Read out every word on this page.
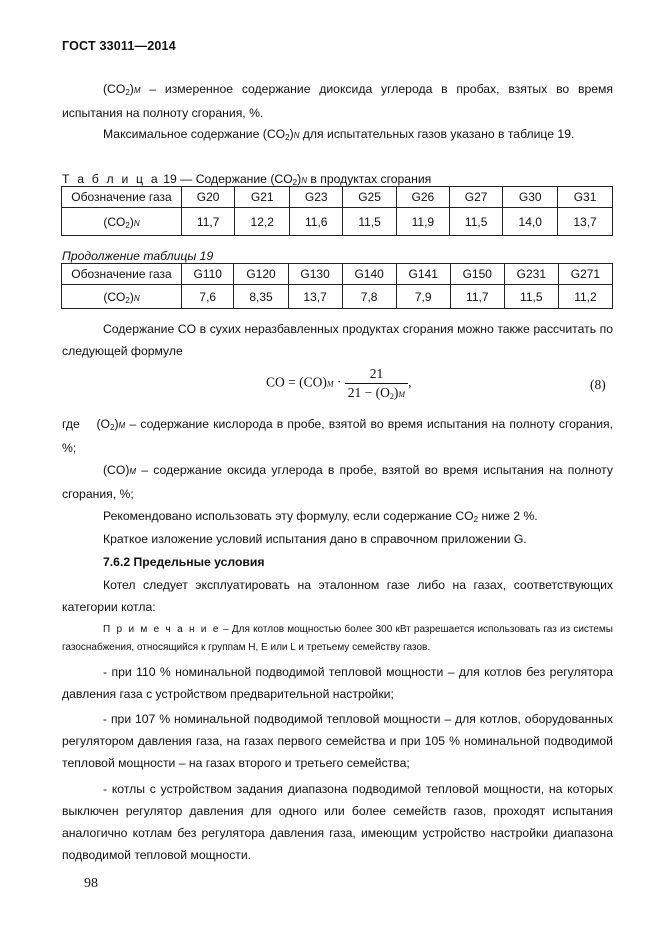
ГОСТ 33011—2014
$(CO_2)M$ – измеренное содержание диоксида углерода в пробах, взятых во время испытания на полноту сгорания, %.
Максимальное содержание $(CO_2)N$ для испытательных газов указано в таблице 19.
Т а б л и ц а 19 — Содержание $(CO_2)N$ в продуктах сгорания
Обозначение газа	G20	G21	G23	G25	G26	G27	G30	G31
$(CO_2)N$	11,7	12,2	11,6	11,5	11,9	11,5	14,0	13,7
Продолжение таблицы 19
Обозначение газа	G110	G120	G130	G140	G141	G150	G231	G271
$(CO_2)N$	7,6	8,35	13,7	7,8	7,9	11,7	11,5	11,2
Содержание CO в сухих неразбавленных продуктах сгорания можно также рассчитать по следующей формуле
CO = $(CO)M \cdot \frac{21}{21 - (O_2)M}$ ,	(8)
где $(O_2)M$ – содержание кислорода в пробе, взятой во время испытания на полноту сгорания, %;
(CO)M – содержание оксида углерода в пробе, взятой во время испытания на полноту сгорания, %;
Рекомендовано использовать эту формулу, если содержание $CO_2$ ниже 2 %.
Краткое изложение условий испытания дано в справочном приложении G.
7.6.2 Предельные условия
Котел следует эксплуатировать на эталонном газе либо на газах, соответствующих категории котла:
П р и м е ч а н и е – Для котлов мощностью более 300 кВт разрешается использовать газ из системы газоснабжения, относящийся к группам H, E или L и третьему семейству газов.
- при 110 % номинальной подводимой тепловой мощности – для котлов без регулятора давления газа с устройством предварительной настройки;
- при 107 % номинальной подводимой тепловой мощности – для котлов, оборудованных регулятором давления газа, на газах первого семейства и при 105 % номинальной подводимой тепловой мощности – на газах второго и третьего семейства;
- котлы с устройством задания диапазона подводимой тепловой мощности, на которых выключен регулятор давления для одного или более семейств газов, проходят испытания аналогично котлам без регулятора давления газа, имеющим устройство настройки диапазона подводимой тепловой мощности.
98
